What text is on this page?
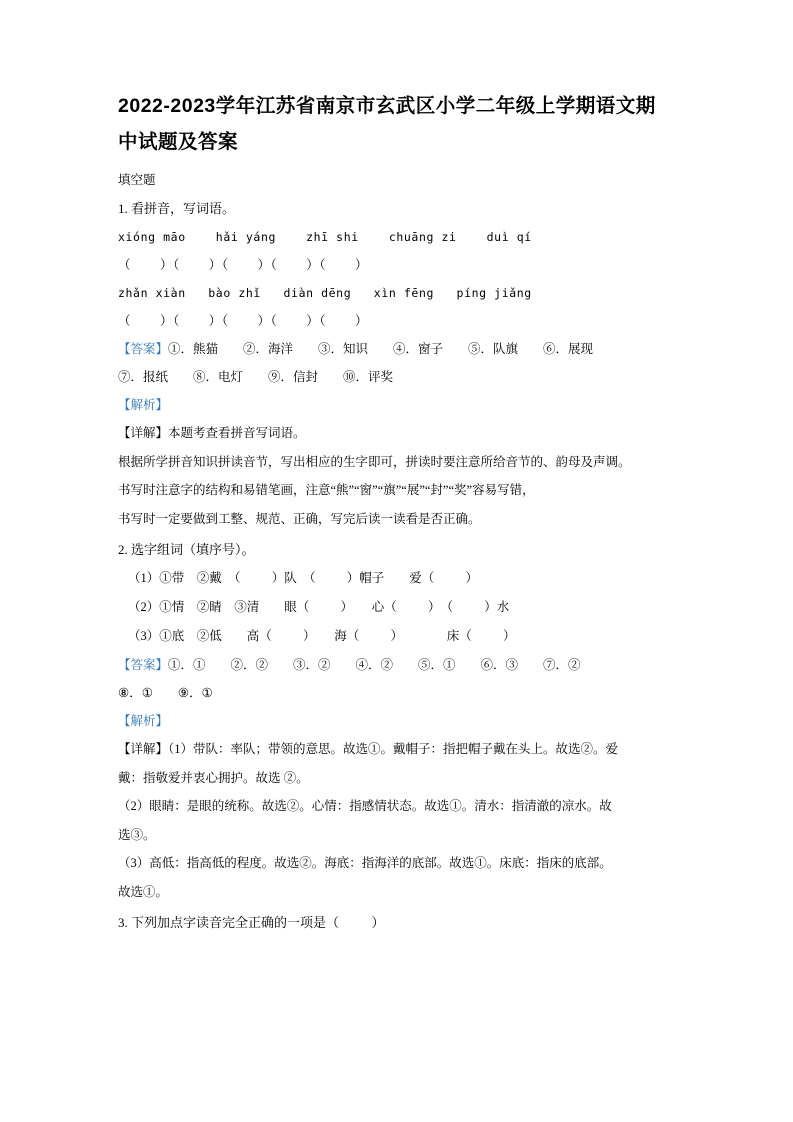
2022-2023学年江苏省南京市玄武区小学二年级上学期语文期中试题及答案

填空题

1. 看拼音，写词语。

xióng māo    hǎi yáng    zhī shi    chuāng zi    duì qí

（        ）（        ）（        ）（        ）（        ）

zhǎn xiàn   bào zhǐ   diàn dēng   xìn fēng   píng jiǎng

（        ）（        ）（        ）（        ）（        ）

【答案】①．熊猫　　②．海洋　　③．知识　　④．窗子　　⑤．队旗　　⑥．展现

⑦．报纸　　⑧．电灯　　⑨．信封　　⑩．评奖

【解析】

【详解】本题考查看拼音写词语。

根据所学拼音知识拼读音节，写出相应的生字即可，拼读时要注意所给音节的、韵母及声调。

书写时注意字的结构和易错笔画，注意“熊”“窗”“旗”“展”“封”“奖”容易写错，

书写时一定要做到工整、规范、正确，写完后读一读看是否正确。

2. 选字组词（填序号）。

（1）①带　②戴　（          ）队　（          ）帽子　　爱（          ）

（2）①情　②睛　③清　　眼（          ）　　心（          ）　（          ）水

（3）①底　②低　　高（          ）　　海（          ）　　　　床（          ）

【答案】①．①　　②．②　　③．②　　④．②　　⑤．①　　⑥．③　　⑦．②

⑧．①　　⑨．①

【解析】

【详解】（1）带队：率队；带领的意思。故选①。戴帽子：指把帽子戴在头上。故选②。爱

戴：指敬爱并衷心拥护。故选 ②。

（2）眼睛：是眼的统称。故选②。心情：指感情状态。故选①。清水：指清澈的凉水。故

选③。

（3）高低：指高低的程度。故选②。海底：指海洋的底部。故选①。床底：指床的底部。

故选①。

3. 下列加点字读音完全正确的一项是（          ）
